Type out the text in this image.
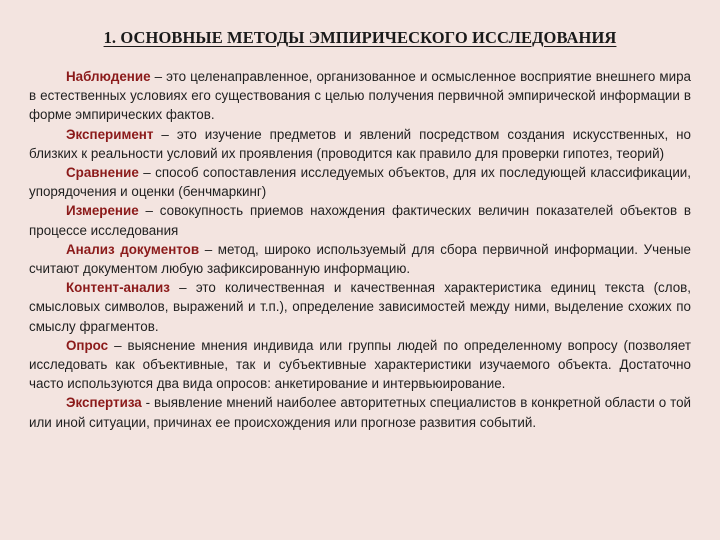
1. ОСНОВНЫЕ МЕТОДЫ ЭМПИРИЧЕСКОГО ИССЛЕДОВАНИЯ

Наблюдение – это целенаправленное, организованное и осмысленное восприятие внешнего мира в естественных условиях его существования с целью получения первичной эмпирической информации в форме эмпирических фактов.

Эксперимент – это изучение предметов и явлений посредством создания искусственных, но близких к реальности условий их проявления (проводится как правило для проверки гипотез, теорий)

Сравнение – способ сопоставления исследуемых объектов, для их последующей классификации, упорядочения и оценки (бенчмаркинг)

Измерение – совокупность приемов нахождения фактических величин показателей объектов в процессе исследования

Анализ документов – метод, широко используемый для сбора первичной информации. Ученые считают документом любую зафиксированную информацию.

Контент-анализ – это количественная и качественная характеристика единиц текста (слов, смысловых символов, выражений и т.п.), определение зависимостей между ними, выделение схожих по смыслу фрагментов.

Опрос – выяснение мнения индивида или группы людей по определенному вопросу (позволяет исследовать как объективные, так и субъективные характеристики изучаемого объекта. Достаточно часто используются два вида опросов: анкетирование и интервьюирование.

Экспертиза - выявление мнений наиболее авторитетных специалистов в конкретной области о той или иной ситуации, причинах ее происхождения или прогнозе развития событий.
